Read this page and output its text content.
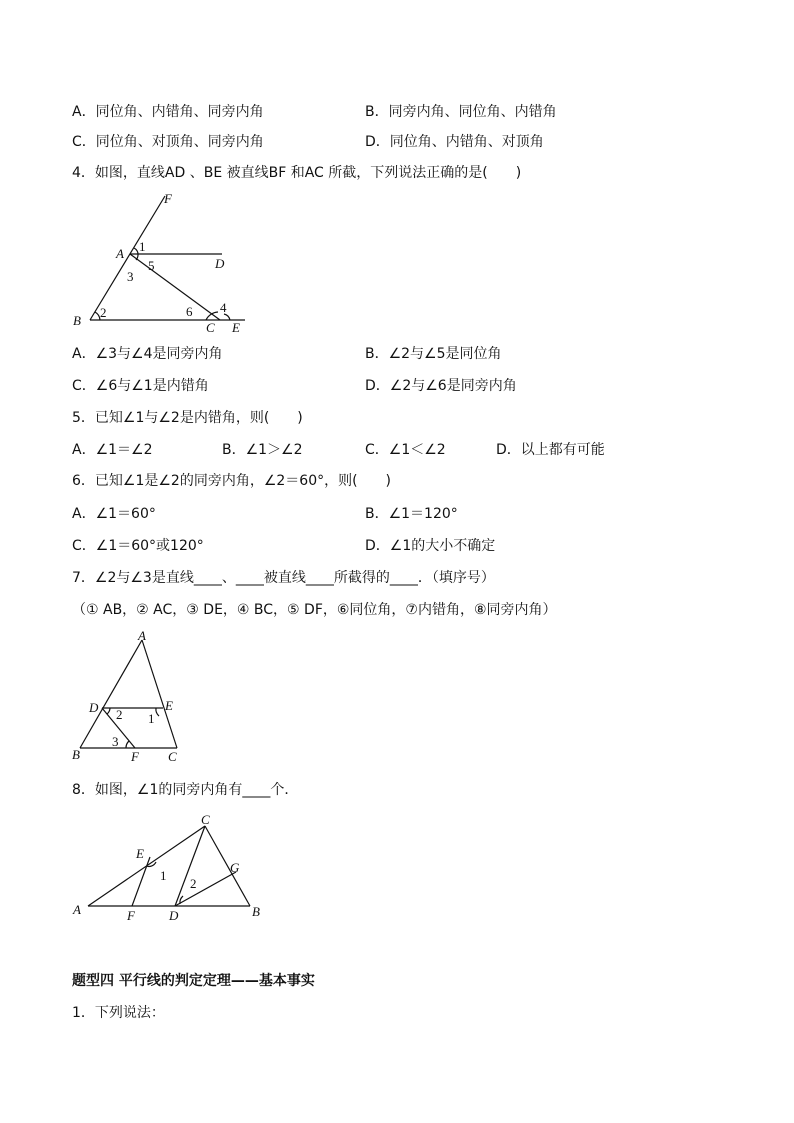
A．同位角、内错角、同旁内角	B．同旁内角、同位角、内错角
C．同位角、对顶角、同旁内角	D．同位角、内错角、对顶角
4．如图，直线AD 、BE 被直线BF 和AC 所截，下列说法正确的是(　　)
F
A
D
B	C E
1
5
3
2	6 4
A．∠3与∠4是同旁内角	B．∠2与∠5是同位角
C．∠6与∠1是内错角	D．∠2与∠6是同旁内角
5．已知∠1与∠2是内错角，则(　　)
A．∠1＝∠2	B．∠1＞∠2	C．∠1＜∠2	D．以上都有可能
6．已知∠1是∠2的同旁内角，∠2＝60°，则(　　)
A．∠1＝60°	B．∠1＝120°
C．∠1＝60°或120°	D．∠1的大小不确定
7．∠2与∠3是直线____、____被直线____所截得的____．（填序号）
（① AB，② AC，③ DE，④ BC，⑤ DF，⑥同位角，⑦内错角，⑧同旁内角）
A
D	E
B	F C
2 1
3
8．如图，∠1的同旁内角有____个．
C
E
G
A	F	D	B
1
2
题型四 平行线的判定定理——基本事实
1．下列说法：
